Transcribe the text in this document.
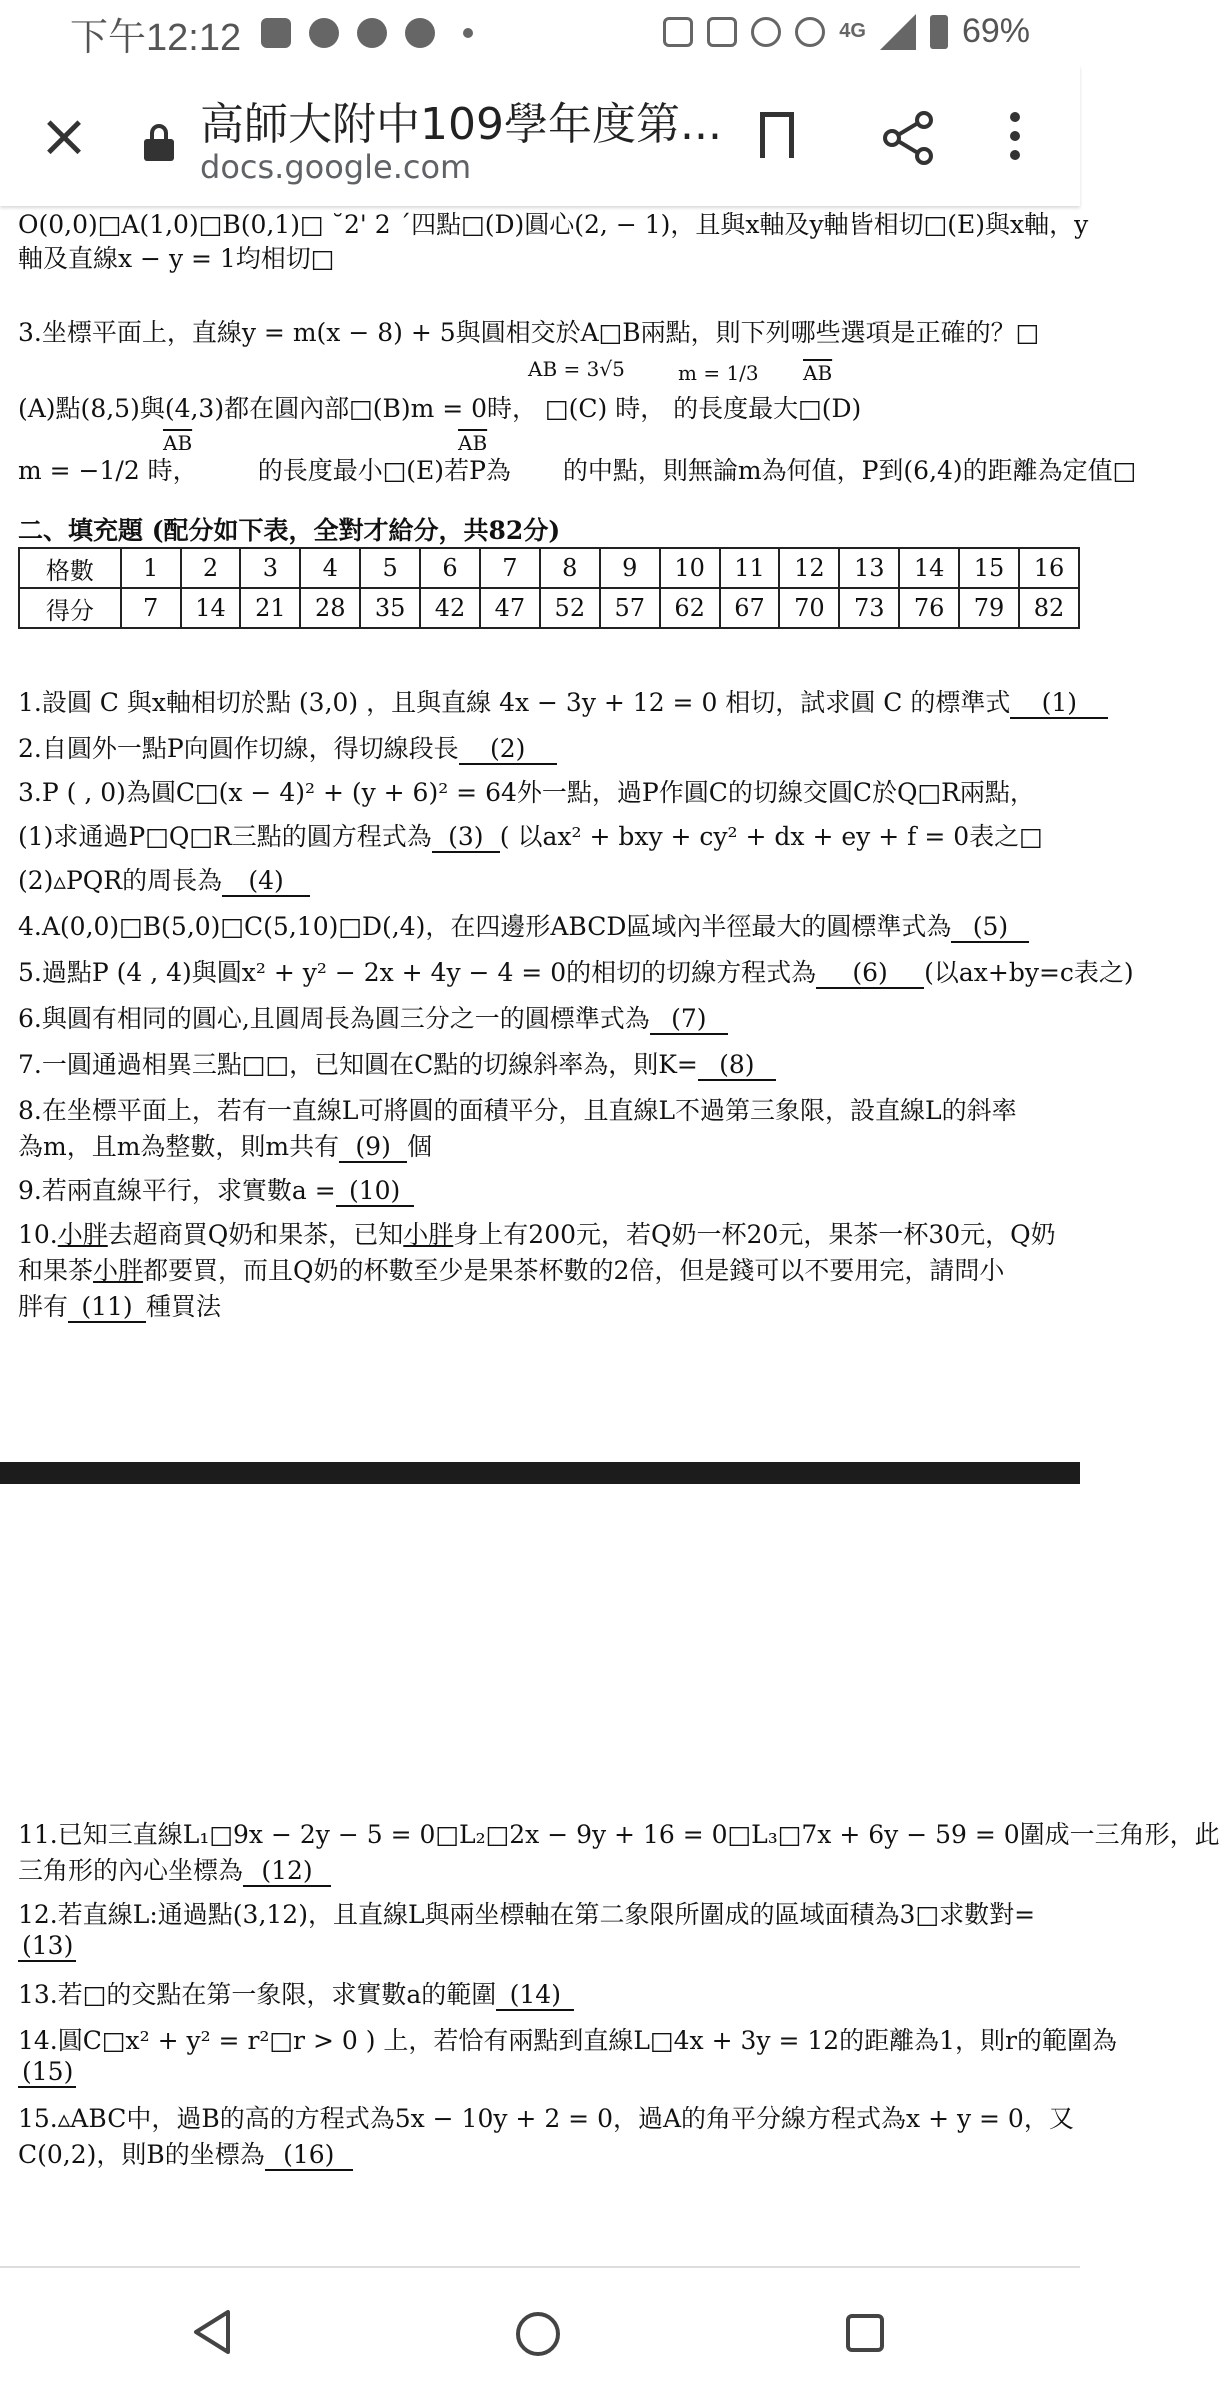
下午12:12	4G	69%
×	高師大附中109學年度第...
docs.google.com
O(0,0)□A(1,0)□B(0,1)□ ˘2' 2 ˊ四點□(D)圓心(2, − 1)，且與x軸及y軸皆相切□(E)與x軸，y
軸及直線x − y = 1均相切□
3.坐標平面上，直線y = m(x − 8) + 5與圓相交於A□B兩點，則下列哪些選項是正確的？□
AB = 3√5	m = 1/3 $\overline{AB}$
(A)點(8,5)與(4,3)都在圓內部□(B)m = 0時， □(C) 時， 的長度最大□(D)
$\overline{AB}$	$\overline{AB}$
m = −1/2 時， 的長度最小□(E)若P為 的中點，則無論m為何值，P到(6,4)的距離為定值□
二、填充題 (配分如下表，全對才給分，共82分)
格數	1	2	3	4	5	6	7	8	9	10	11	12	13	14	15	16
得分	7	14	21	28	35	42	47	52	57	62	67	70	73	76	79	82
1.設圓 C 與x軸相切於點 (3,0) ，且與直線 4x − 3y + 12 = 0 相切，試求圓 C 的標準式 (1)
2.自圓外一點P向圓作切線，得切線段長 (2)
3.P ( , 0)為圓C□(x − 4)² + (y + 6)² = 64外一點，過P作圓C的切線交圓C於Q□R兩點，
(1)求通過P□Q□R三點的圓方程式為 (3) ( 以ax² + bxy + cy² + dx + ey + f = 0表之□
(2)▵PQR的周長為 (4)
4.A(0,0)□B(5,0)□C(5,10)□D(,4)，在四邊形ABCD區域內半徑最大的圓標準式為 (5)
5.過點P (4 , 4)與圓x² + y² − 2x + 4y − 4 = 0的相切的切線方程式為 (6) (以ax+by=c表之)
6.與圓有相同的圓心,且圓周長為圓三分之一的圓標準式為 (7)
7.一圓通過相異三點□□，已知圓在C點的切線斜率為，則K= (8)
8.在坐標平面上，若有一直線L可將圓的面積平分，且直線L不過第三象限，設直線L的斜率
為m，且m為整數，則m共有 (9) 個
9.若兩直線平行，求實數a = (10)
10.小胖去超商買Q奶和果茶，已知小胖身上有200元，若Q奶一杯20元，果茶一杯30元，Q奶
和果茶小胖都要買，而且Q奶的杯數至少是果茶杯數的2倍，但是錢可以不要用完，請問小
胖有 (11) 種買法
11.已知三直線L₁□9x − 2y − 5 = 0□L₂□2x − 9y + 16 = 0□L₃□7x + 6y − 59 = 0圍成一三角形，此
三角形的內心坐標為 (12)
12.若直線L:通過點(3,12)，且直線L與兩坐標軸在第二象限所圍成的區域面積為3□求數對=
(13)
13.若□的交點在第一象限，求實數a的範圍 (14)
14.圓C□x² + y² = r²□r > 0 ) 上，若恰有兩點到直線L□4x + 3y = 12的距離為1，則r的範圍為
(15)
15.▵ABC中，過B的高的方程式為5x − 10y + 2 = 0，過A的角平分線方程式為x + y = 0，又
C(0,2)，則B的坐標為 (16)
